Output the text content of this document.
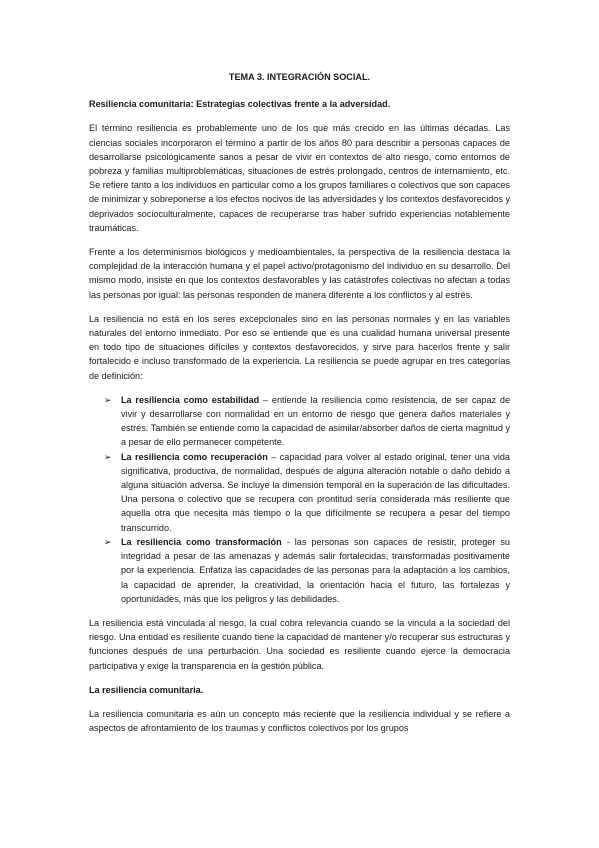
TEMA 3. INTEGRACIÓN SOCIAL.
Resiliencia comunitaria: Estrategias colectivas frente a la adversidad.

El término resiliencia es probablemente uno de los que más crecido en las últimas décadas. Las ciencias sociales incorporaron el término a partir de los años 80 para describir a personas capaces de desarrollarse psicológicamente sanos a pesar de vivir en contextos de alto riesgo, como entornos de pobreza y familias multiproblemáticas, situaciones de estrés prolongado, centros de internamiento, etc. Se refiere tanto a los individuos en particular como a los grupos familiares o colectivos que son capaces de minimizar y sobreponerse a los efectos nocivos de las adversidades y los contextos desfavorecidos y deprivados socioculturalmente, capaces de recuperarse tras haber sufrido experiencias notablemente traumáticas.

Frente a los determinismos biológicos y medioambientales, la perspectiva de la resiliencia destaca la complejidad de la interacción humana y el papel activo/protagonismo del individuo en su desarrollo. Del mismo modo, insiste en que los contextos desfavorables y las catástrofes colectivas no afectan a todas las personas por igual: las personas responden de manera diferente a los conflictos y al estrés.

La resiliencia no está en los seres excepcionales sino en las personas normales y en las variables naturales del entorno inmediato. Por eso se entiende que es una cualidad humana universal presente en todo tipo de situaciones difíciles y contextos desfavorecidos, y sirve para hacerlos frente y salir fortalecido e incluso transformado de la experiencia. La resiliencia se puede agrupar en tres categorías de definición:

➢ La resiliencia como estabilidad – entiende la resiliencia como resistencia, de ser capaz de vivir y desarrollarse con normalidad en un entorno de riesgo que genera daños materiales y estrés. También se entiende como la capacidad de asimilar/absorber daños de cierta magnitud y a pesar de ello permanecer competente.
➢ La resiliencia como recuperación – capacidad para volver al estado original, tener una vida significativa, productiva, de normalidad, después de alguna alteración notable o daño debido a alguna situación adversa. Se incluye la dimensión temporal en la superación de las dificultades. Una persona o colectivo que se recupera con prontitud sería considerada más resiliente que aquella otra que necesita más tiempo o la que difícilmente se recupera a pesar del tiempo transcurrido.
➢ La resiliencia como transformación - las personas son capaces de resistir, proteger su integridad a pesar de las amenazas y además salir fortalecidas, transformadas positivamente por la experiencia. Enfatiza las capacidades de las personas para la adaptación a los cambios, la capacidad de aprender, la creatividad, la orientación hacia el futuro, las fortalezas y oportunidades, más que los peligros y las debilidades.

La resiliencia está vinculada al riesgo, la cual cobra relevancia cuando se la vincula a la sociedad del riesgo. Una entidad es resiliente cuando tiene la capacidad de mantener y/o recuperar sus estructuras y funciones después de una perturbación. Una sociedad es resiliente cuando ejerce la democracia participativa y exige la transparencia en la gestión pública.

La resiliencia comunitaria.

La resiliencia comunitaria es aún un concepto más reciente que la resiliencia individual y se refiere a aspectos de afrontamiento de los traumas y conflictos colectivos por los grupos
